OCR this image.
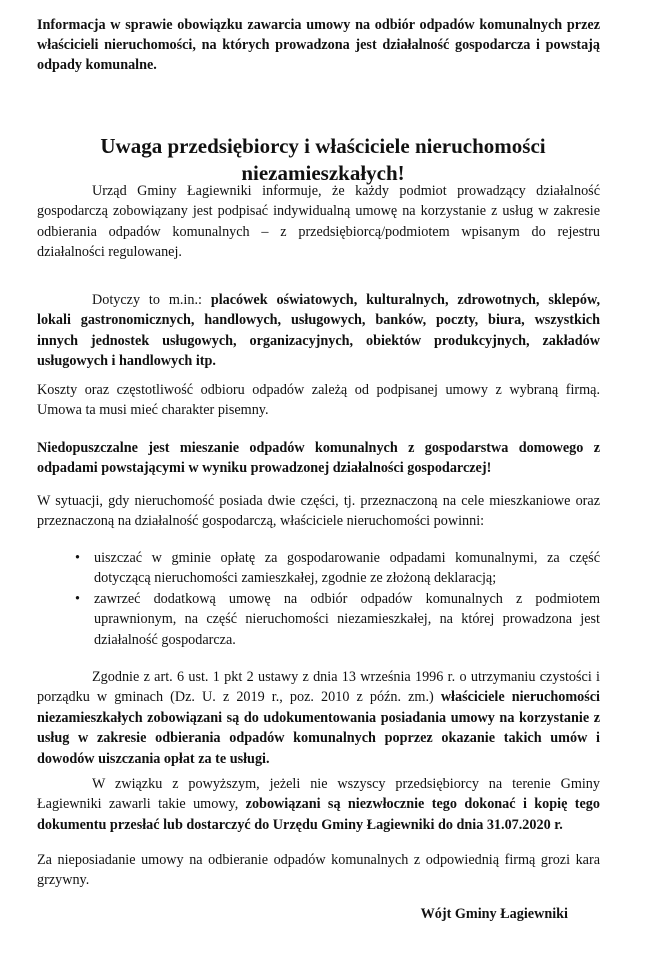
Informacja w sprawie obowiązku zawarcia umowy na odbiór odpadów komunalnych przez właścicieli nieruchomości, na których prowadzona jest działalność gospodarcza i powstają odpady komunalne.
Uwaga przedsiębiorcy i właściciele nieruchomości
niezamieszkałych!

Urząd Gminy Łagiewniki informuje, że każdy podmiot prowadzący działalność gospodarczą zobowiązany jest podpisać indywidualną umowę na korzystanie z usług w zakresie odbierania odpadów komunalnych – z przedsiębiorcą/podmiotem wpisanym do rejestru działalności regulowanej.

Dotyczy to m.in.: placówek oświatowych, kulturalnych, zdrowotnych, sklepów, lokali gastronomicznych, handlowych, usługowych, banków, poczty, biura, wszystkich innych jednostek usługowych, organizacyjnych, obiektów produkcyjnych, zakładów usługowych i handlowych itp.

Koszty oraz częstotliwość odbioru odpadów zależą od podpisanej umowy z wybraną firmą. Umowa ta musi mieć charakter pisemny.

Niedopuszczalne jest mieszanie odpadów komunalnych z gospodarstwa domowego z odpadami powstającymi w wyniku prowadzonej działalności gospodarczej!

W sytuacji, gdy nieruchomość posiada dwie części, tj. przeznaczoną na cele mieszkaniowe oraz przeznaczoną na działalność gospodarczą, właściciele nieruchomości powinni:

• uiszczać w gminie opłatę za gospodarowanie odpadami komunalnymi, za część dotyczącą nieruchomości zamieszkałej, zgodnie ze złożoną deklaracją;
• zawrzeć dodatkową umowę na odbiór odpadów komunalnych z podmiotem uprawnionym, na część nieruchomości niezamieszkałej, na której prowadzona jest działalność gospodarcza.

Zgodnie z art. 6 ust. 1 pkt 2 ustawy z dnia 13 września 1996 r. o utrzymaniu czystości i porządku w gminach (Dz. U. z 2019 r., poz. 2010 z późn. zm.) właściciele nieruchomości niezamieszkałych zobowiązani są do udokumentowania posiadania umowy na korzystanie z usług w zakresie odbierania odpadów komunalnych poprzez okazanie takich umów i dowodów uiszczania opłat za te usługi.

W związku z powyższym, jeżeli nie wszyscy przedsiębiorcy na terenie Gminy Łagiewniki zawarli takie umowy, zobowiązani są niezwłocznie tego dokonać i kopię tego dokumentu przesłać lub dostarczyć do Urzędu Gminy Łagiewniki do dnia 31.07.2020 r.

Za nieposiadanie umowy na odbieranie odpadów komunalnych z odpowiednią firmą grozi kara grzywny.

Wójt Gminy Łagiewniki
